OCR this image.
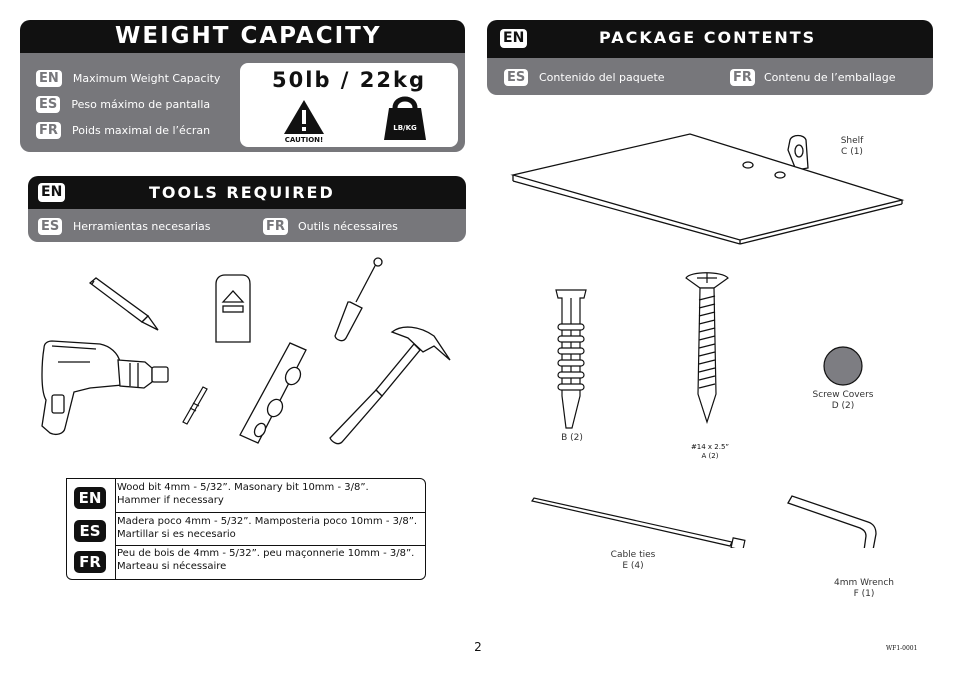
WEIGHT CAPACITY
EN Maximum Weight Capacity
ES Peso máximo de pantalla
FR Poids maximal de l’écran
50lb / 22kg
CAUTION!
LB/KG
EN	TOOLS REQUIRED
ES Herramientas necesarias	FR Outils nécessaires
EN
Wood bit 4mm - 5/32”. Masonary bit 10mm - 3/8”.
Hammer if necessary
ES
Madera poco 4mm - 5/32”. Mamposteria poco 10mm - 3/8”.
Martillar si es necesario
FR	Peu de bois de 4mm - 5/32”. peu maçonnerie 10mm - 3/8”.
Marteau si nécessaire
EN	PACKAGE CONTENTS
ES Contenido del paquete	FR Contenu de l’emballage
Shelf
C (1)
B (2)
#14 x 2.5”
A (2)
Screw Covers
D (2)
Cable ties
E (4)
4mm Wrench
F (1)
2	WF1-0001
